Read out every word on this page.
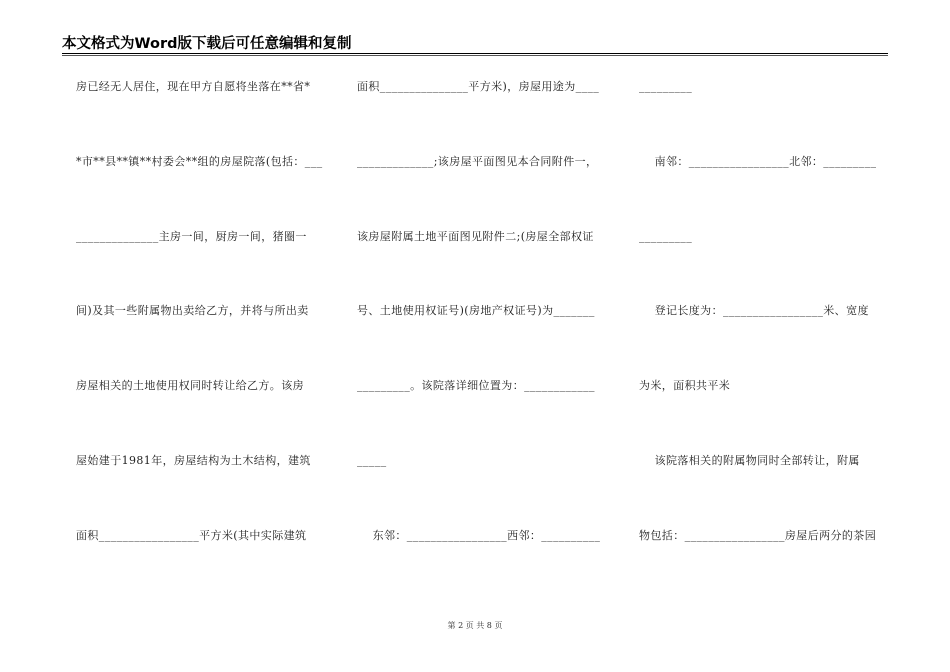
本文格式为Word版下载后可任意编辑和复制
房已经无人居住，现在甲方自愿将坐落在**省*
*市**县**镇**村委会**组的房屋院落(包括：___
______________主房一间，厨房一间，猪圈一
间)及其一些附属物出卖给乙方，并将与所出卖
房屋相关的土地使用权同时转让给乙方。该房
屋始建于1981年，房屋结构为土木结构，建筑
面积_________________平方米(其中实际建筑
面积_______________平方米)，房屋用途为____
_____________;该房屋平面图见本合同附件一，
该房屋附属土地平面图见附件二;(房屋全部权证
号、土地使用权证号)(房地产权证号)为_______
_________。该院落详细位置为：____________
_____
东邻：_________________西邻：__________
_________
南邻：_________________北邻：_________
_________
登记长度为：_________________米、宽度
为米，面积共平米
该院落相关的附属物同时全部转让，附属
物包括：_________________房屋后两分的茶园
第 2 页 共 8 页
